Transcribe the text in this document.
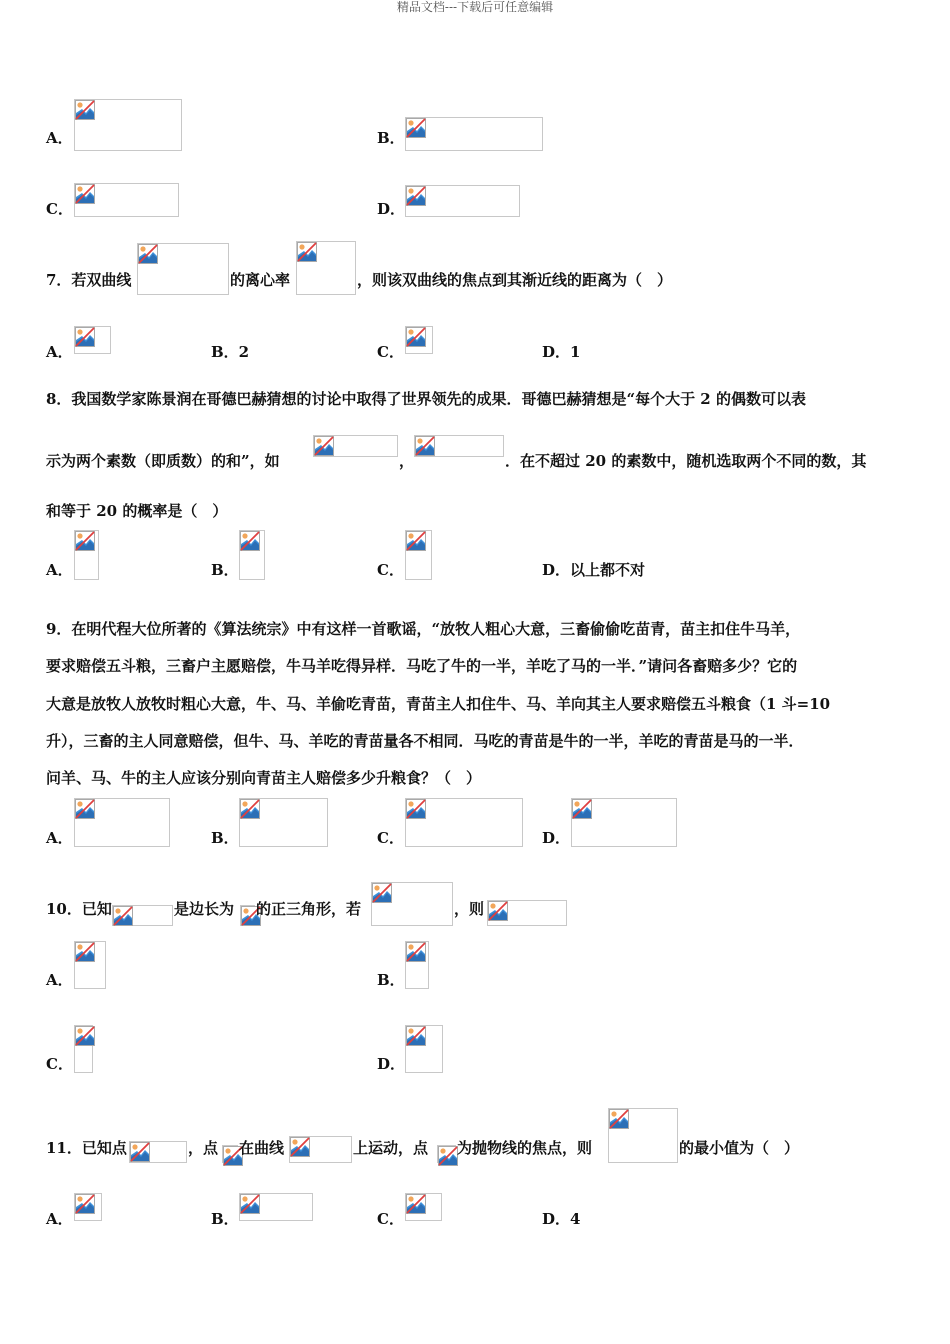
精品文档---下载后可任意编辑
A．	B．
C．	D．
7．若双曲线	的离心率	，则该双曲线的焦点到其渐近线的距离为（　）
A．	B．2	C．	D．1
8．我国数学家陈景润在哥德巴赫猜想的讨论中取得了世界领先的成果．哥德巴赫猜想是“每个大于 2 的偶数可以表
示为两个素数（即质数）的和”，如	，	．在不超过 20 的素数中，随机选取两个不同的数，其
和等于 20 的概率是（　）
A．	B．	C．	D．以上都不对
9．在明代程大位所著的《算法统宗》中有这样一首歌谣，“放牧人粗心大意，三畜偷偷吃苗青，苗主扣住牛马羊，
要求赔偿五斗粮，三畜户主愿赔偿，牛马羊吃得异样．马吃了牛的一半，羊吃了马的一半．”请问各畜赔多少？它的
大意是放牧人放牧时粗心大意，牛、马、羊偷吃青苗，青苗主人扣住牛、马、羊向其主人要求赔偿五斗粮食（1 斗=10
升），三畜的主人同意赔偿，但牛、马、羊吃的青苗量各不相同．马吃的青苗是牛的一半，羊吃的青苗是马的一半．
问羊、马、牛的主人应该分别向青苗主人赔偿多少升粮食？（　）
A．	B．	C．	D．
10．已知	是边长为 的正三角形，若	，则
A．	B．
C．	D．
11．已知点	，点 在曲线	上运动，点 为抛物线的焦点，则	的最小值为（　）
A．	B．	C．	D．4
